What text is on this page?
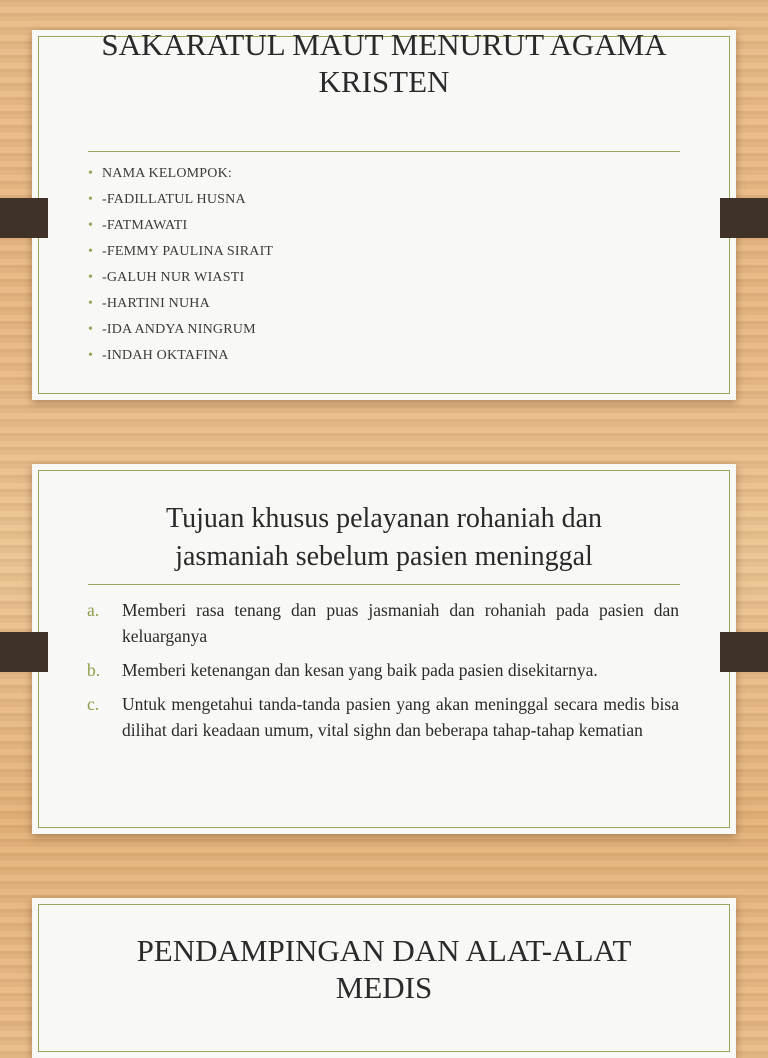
SAKARATUL MAUT MENURUT AGAMA
KRISTEN
• NAMA KELOMPOK:
• -FADILLATUL HUSNA
• -FATMAWATI
• -FEMMY PAULINA SIRAIT
• -GALUH NUR WIASTI
• -HARTINI NUHA
• -IDA ANDYA NINGRUM
• -INDAH OKTAFINA
Tujuan khusus pelayanan rohaniah dan
jasmaniah sebelum pasien meninggal
a. Memberi rasa tenang dan puas jasmaniah dan rohaniah pada pasien dan keluarganya
b. Memberi ketenangan dan kesan yang baik pada pasien disekitarnya.
c. Untuk mengetahui tanda-tanda pasien yang akan meninggal secara medis bisa dilihat dari keadaan umum, vital sighn dan beberapa tahap-tahap kematian
PENDAMPINGAN DAN ALAT-ALAT
MEDIS
